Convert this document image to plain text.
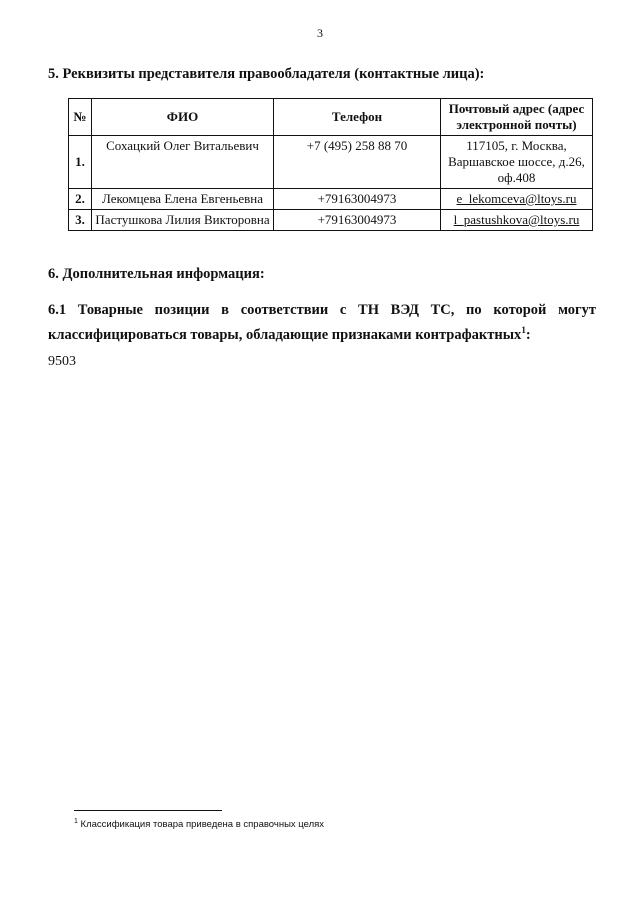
3
5. Реквизиты представителя правообладателя (контактные лица):
№	ФИО	Телефон	Почтовый адрес (адрес электронной почты)
1.	Сохацкий Олег Витальевич	+7 (495) 258 88 70	117105, г. Москва, Варшавское шоссе, д.26, оф.408
2.	Лекомцева Елена Евгеньевна	+79163004973	e_lekomceva@ltoys.ru
3.	Пастушкова Лилия Викторовна	+79163004973	l_pastushkova@ltoys.ru
6. Дополнительная информация:
6.1 Товарные позиции в соответствии с ТН ВЭД ТС, по которой могут классифицироваться товары, обладающие признаками контрафактных$^1$:
9503
$^1$ Классификация товара приведена в справочных целях
